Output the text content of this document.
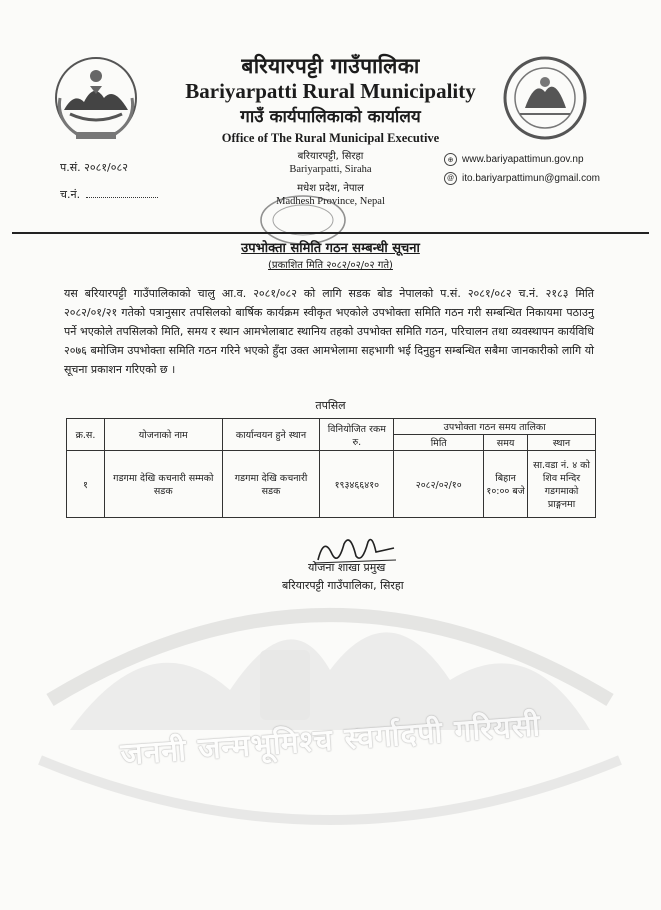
बरियारपट्टी गाउँपालिका
Bariyarpatti Rural Municipality
गाउँ कार्यपालिकाको कार्यालय
Office of The Rural Municipal Executive
बरियारपट्टी, सिरहा
Bariyarpatti, Siraha
मधेश प्रदेश, नेपाल
Madhesh Province, Nepal
प.सं. २०८१/०८२
च.नं.
⊕ www.bariyapattimun.gov.np
@ ito.bariyarpattimun@gmail.com
उपभोक्ता समिति गठन सम्बन्धी सूचना
(प्रकाशित मिति २०८२/०२/०२ गते)
यस बरियारपट्टी गाउँपालिकाको चालु आ.व. २०८१/०८२ को लागि सडक बोड नेपालको प.सं. २०८१/०८२ च.नं. २१८३ मिति २०८२/०१/२१ गतेको पत्रानुसार तपसिलको बार्षिक कार्यक्रम स्वीकृत भएकोले उपभोक्ता समिति गठन गरी सम्बन्धित निकायमा पठाउनु पर्ने भएकोले तपसिलको मिति, समय र स्थान आमभेलाबाट स्थानिय तहको उपभोक्त समिति गठन, परिचालन तथा व्यवस्थापन कार्यविधि २०७६ बमोजिम उपभोक्ता समिति गठन गरिने भएको हुँदा उक्त आमभेलामा सहभागी भई दिनुहुन सम्बन्धित सबैमा जानकारीको लागि यो सूचना प्रकाशन गरिएको छ ।
तपसिल
क्र.स.	योजनाको नाम	कार्यान्वयन हुने स्थान	विनियोजित रकम रु.	उपभोक्ता गठन समय तालिका		
				मिति	समय	स्थान
१	गडगमा देखि कचनारी सम्मको सडक	गडगमा देखि कचनारी सडक	१९३४६६४१०	२०८२/०२/१०	बिहान १०:०० बजे	सा.वडा नं. ४ को शिव मन्दिर गडगमाको प्राङ्गनमा
योजना शाखा प्रमुख
बरियारपट्टी गाउँपालिका, सिरहा
जननी जन्मभूमिश्च स्वर्गादपी गरियसी
